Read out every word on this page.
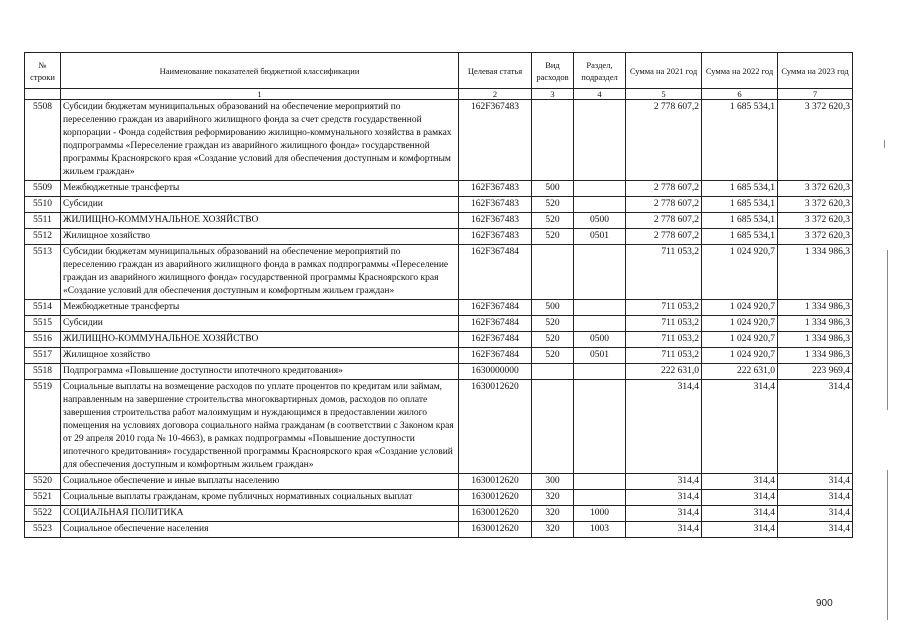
№ строки	Наименование показателей бюджетной классификации	Целевая статья	Вид расходов	Раздел, подраздел	Сумма на 2021 год	Сумма на 2022 год	Сумма на 2023 год
	1	2	3	4	5	6	7
5508	Субсидии бюджетам муниципальных образований на обеспечение мероприятий по переселению граждан из аварийного жилищного фонда за счет средств государственной корпорации - Фонда содействия реформированию жилищно-коммунального хозяйства в рамках подпрограммы «Переселение граждан из аварийного жилищного фонда» государственной программы Красноярского края «Создание условий для обеспечения доступным и комфортным жильем граждан»	162F367483			2 778 607,2	1 685 534,1	3 372 620,3
5509	Межбюджетные трансферты	162F367483	500		2 778 607,2	1 685 534,1	3 372 620,3
5510	Субсидии	162F367483	520		2 778 607,2	1 685 534,1	3 372 620,3
5511	ЖИЛИЩНО-КОММУНАЛЬНОЕ ХОЗЯЙСТВО	162F367483	520	0500	2 778 607,2	1 685 534,1	3 372 620,3
5512	Жилищное хозяйство	162F367483	520	0501	2 778 607,2	1 685 534,1	3 372 620,3
5513	Субсидии бюджетам муниципальных образований на обеспечение мероприятий по переселению граждан из аварийного жилищного фонда в рамках подпрограммы «Переселение граждан из аварийного жилищного фонда» государственной программы Красноярского края «Создание условий для обеспечения доступным и комфортным жильем граждан»	162F367484			711 053,2	1 024 920,7	1 334 986,3
5514	Межбюджетные трансферты	162F367484	500		711 053,2	1 024 920,7	1 334 986,3
5515	Субсидии	162F367484	520		711 053,2	1 024 920,7	1 334 986,3
5516	ЖИЛИЩНО-КОММУНАЛЬНОЕ ХОЗЯЙСТВО	162F367484	520	0500	711 053,2	1 024 920,7	1 334 986,3
5517	Жилищное хозяйство	162F367484	520	0501	711 053,2	1 024 920,7	1 334 986,3
5518	Подпрограмма «Повышение доступности ипотечного кредитования»	1630000000			222 631,0	222 631,0	223 969,4
5519	Социальные выплаты на возмещение расходов по уплате процентов по кредитам или займам, направленным на завершение строительства многоквартирных домов, расходов по оплате завершения строительства работ малоимущим и нуждающимся в предоставлении жилого помещения на условиях договора социального найма гражданам (в соответствии с Законом края от 29 апреля 2010 года № 10-4663), в рамках подпрограммы «Повышение доступности ипотечного кредитования» государственной программы Красноярского края «Создание условий для обеспечения доступным и комфортным жильем граждан»	1630012620			314,4	314,4	314,4
5520	Социальное обеспечение и иные выплаты населению	1630012620	300		314,4	314,4	314,4
5521	Социальные выплаты гражданам, кроме публичных нормативных социальных выплат	1630012620	320		314,4	314,4	314,4
5522	СОЦИАЛЬНАЯ ПОЛИТИКА	1630012620	320	1000	314,4	314,4	314,4
5523	Социальное обеспечение населения	1630012620	320	1003	314,4	314,4	314,4
900
